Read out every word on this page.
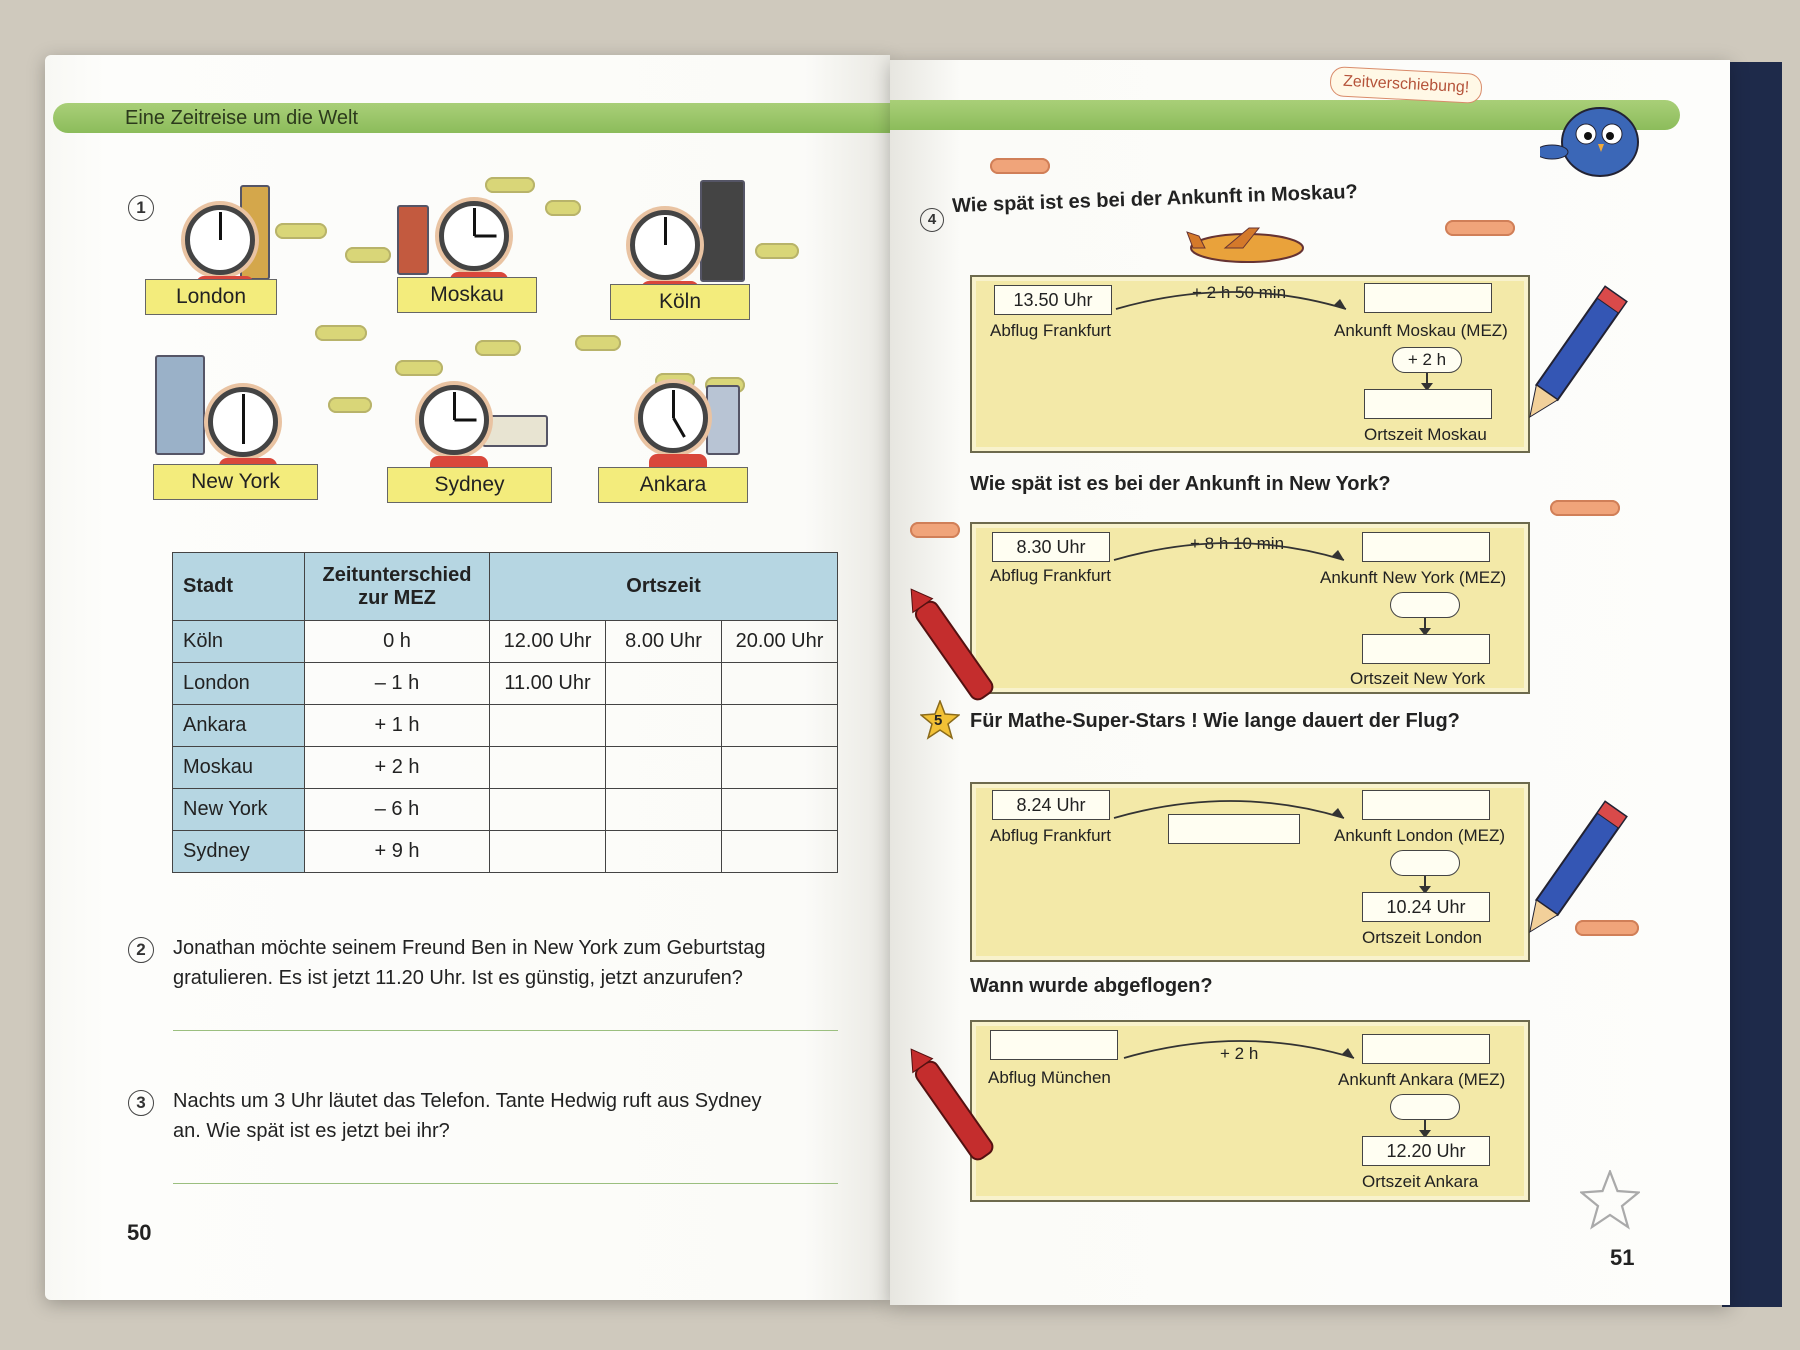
Eine Zeitreise um die Welt
1
London	Moskau	Köln
New York	Sydney	Ankara
Stadt	Zeitunterschied
zur MEZ	Ortszeit		
Köln	0 h	12.00 Uhr	8.00 Uhr	20.00 Uhr
London	– 1 h	11.00 Uhr		
Ankara	+ 1 h			
Moskau	+ 2 h			
New York	– 6 h			
Sydney	+ 9 h			
2	Jonathan möchte seinem Freund Ben in New York zum Geburtstag
gratulieren. Es ist jetzt 11.20 Uhr. Ist es günstig, jetzt anzurufen?
3	Nachts um 3 Uhr läutet das Telefon. Tante Hedwig ruft aus Sydney
an. Wie spät ist es jetzt bei ihr?
50
Zeitverschiebung!
4
Wie spät ist es bei der Ankunft in Moskau?
13.50 Uhr
Abflug Frankfurt
+ 2 h 50 min
Ankunft Moskau (MEZ)
+ 2 h
Ortszeit Moskau
Wie spät ist es bei der Ankunft in New York?
8.30 Uhr
Abflug Frankfurt
+ 8 h 10 min
Ankunft New York (MEZ)
Ortszeit New York
5 Für Mathe-Super-Stars ! Wie lange dauert der Flug?
8.24 Uhr
Abflug Frankfurt	Ankunft London (MEZ)
10.24 Uhr
Ortszeit London
Wann wurde abgeflogen?
Abflug München
+ 2 h
Ankunft Ankara (MEZ)
12.20 Uhr
Ortszeit Ankara
51
